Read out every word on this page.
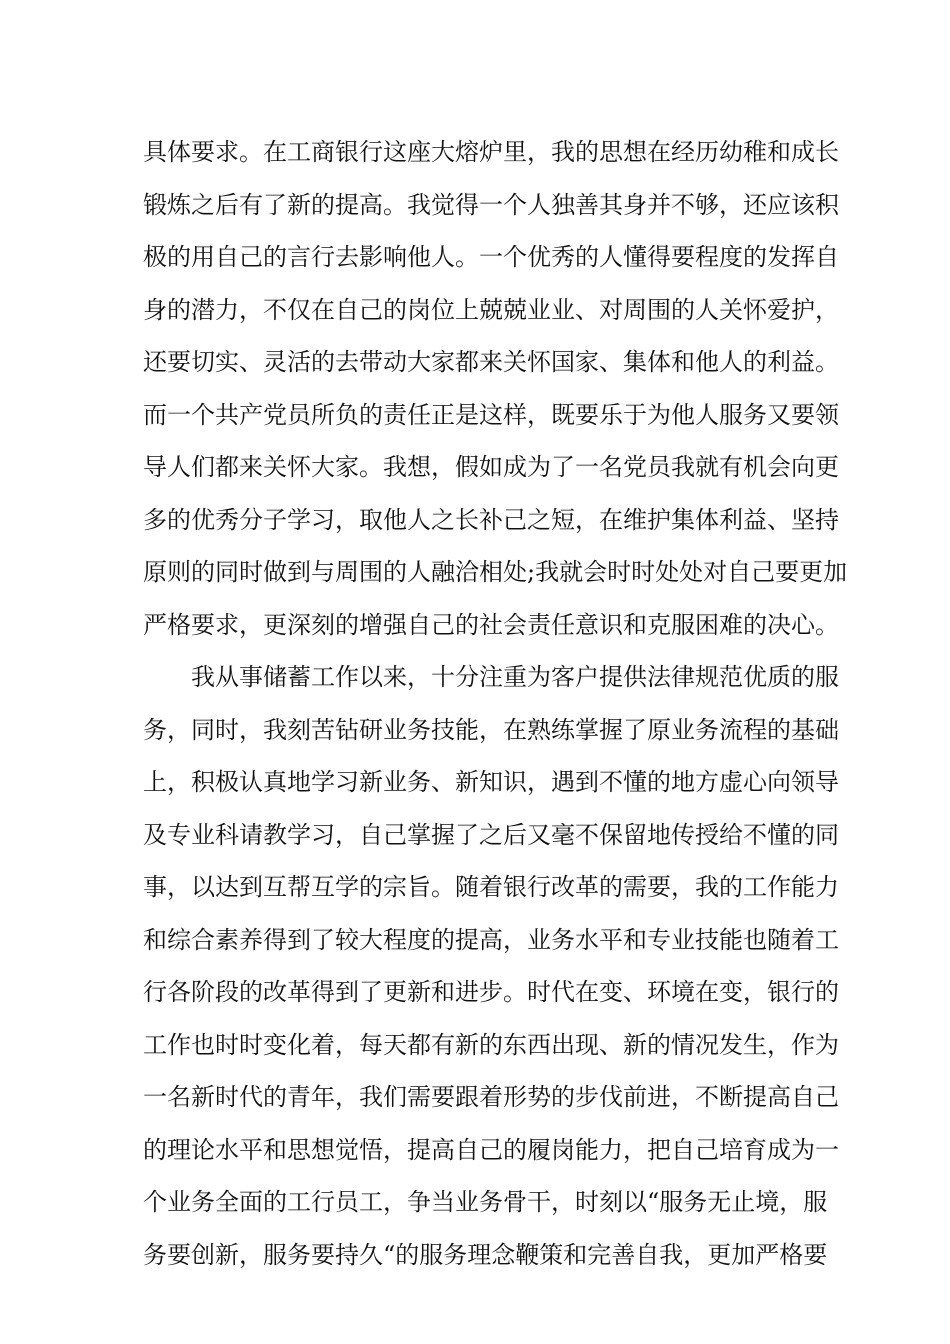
具体要求。在工商银行这座大熔炉里，我的思想在经历幼稚和成长
锻炼之后有了新的提高。我觉得一个人独善其身并不够，还应该积
极的用自己的言行去影响他人。一个优秀的人懂得要程度的发挥自
身的潜力，不仅在自己的岗位上兢兢业业、对周围的人关怀爱护，
还要切实、灵活的去带动大家都来关怀国家、集体和他人的利益。
而一个共产党员所负的责任正是这样，既要乐于为他人服务又要领
导人们都来关怀大家。我想，假如成为了一名党员我就有机会向更
多的优秀分子学习，取他人之长补己之短，在维护集体利益、坚持
原则的同时做到与周围的人融洽相处;我就会时时处处对自己要更加
严格要求，更深刻的增强自己的社会责任意识和克服困难的决心。
我从事储蓄工作以来，十分注重为客户提供法律规范优质的服
务，同时，我刻苦钻研业务技能，在熟练掌握了原业务流程的基础
上，积极认真地学习新业务、新知识，遇到不懂的地方虚心向领导
及专业科请教学习，自己掌握了之后又毫不保留地传授给不懂的同
事，以达到互帮互学的宗旨。随着银行改革的需要，我的工作能力
和综合素养得到了较大程度的提高，业务水平和专业技能也随着工
行各阶段的改革得到了更新和进步。时代在变、环境在变，银行的
工作也时时变化着，每天都有新的东西出现、新的情况发生，作为
一名新时代的青年，我们需要跟着形势的步伐前进，不断提高自己
的理论水平和思想觉悟，提高自己的履岗能力，把自己培育成为一
个业务全面的工行员工，争当业务骨干，时刻以“服务无止境，服
务要创新，服务要持久“的服务理念鞭策和完善自我，更加严格要
